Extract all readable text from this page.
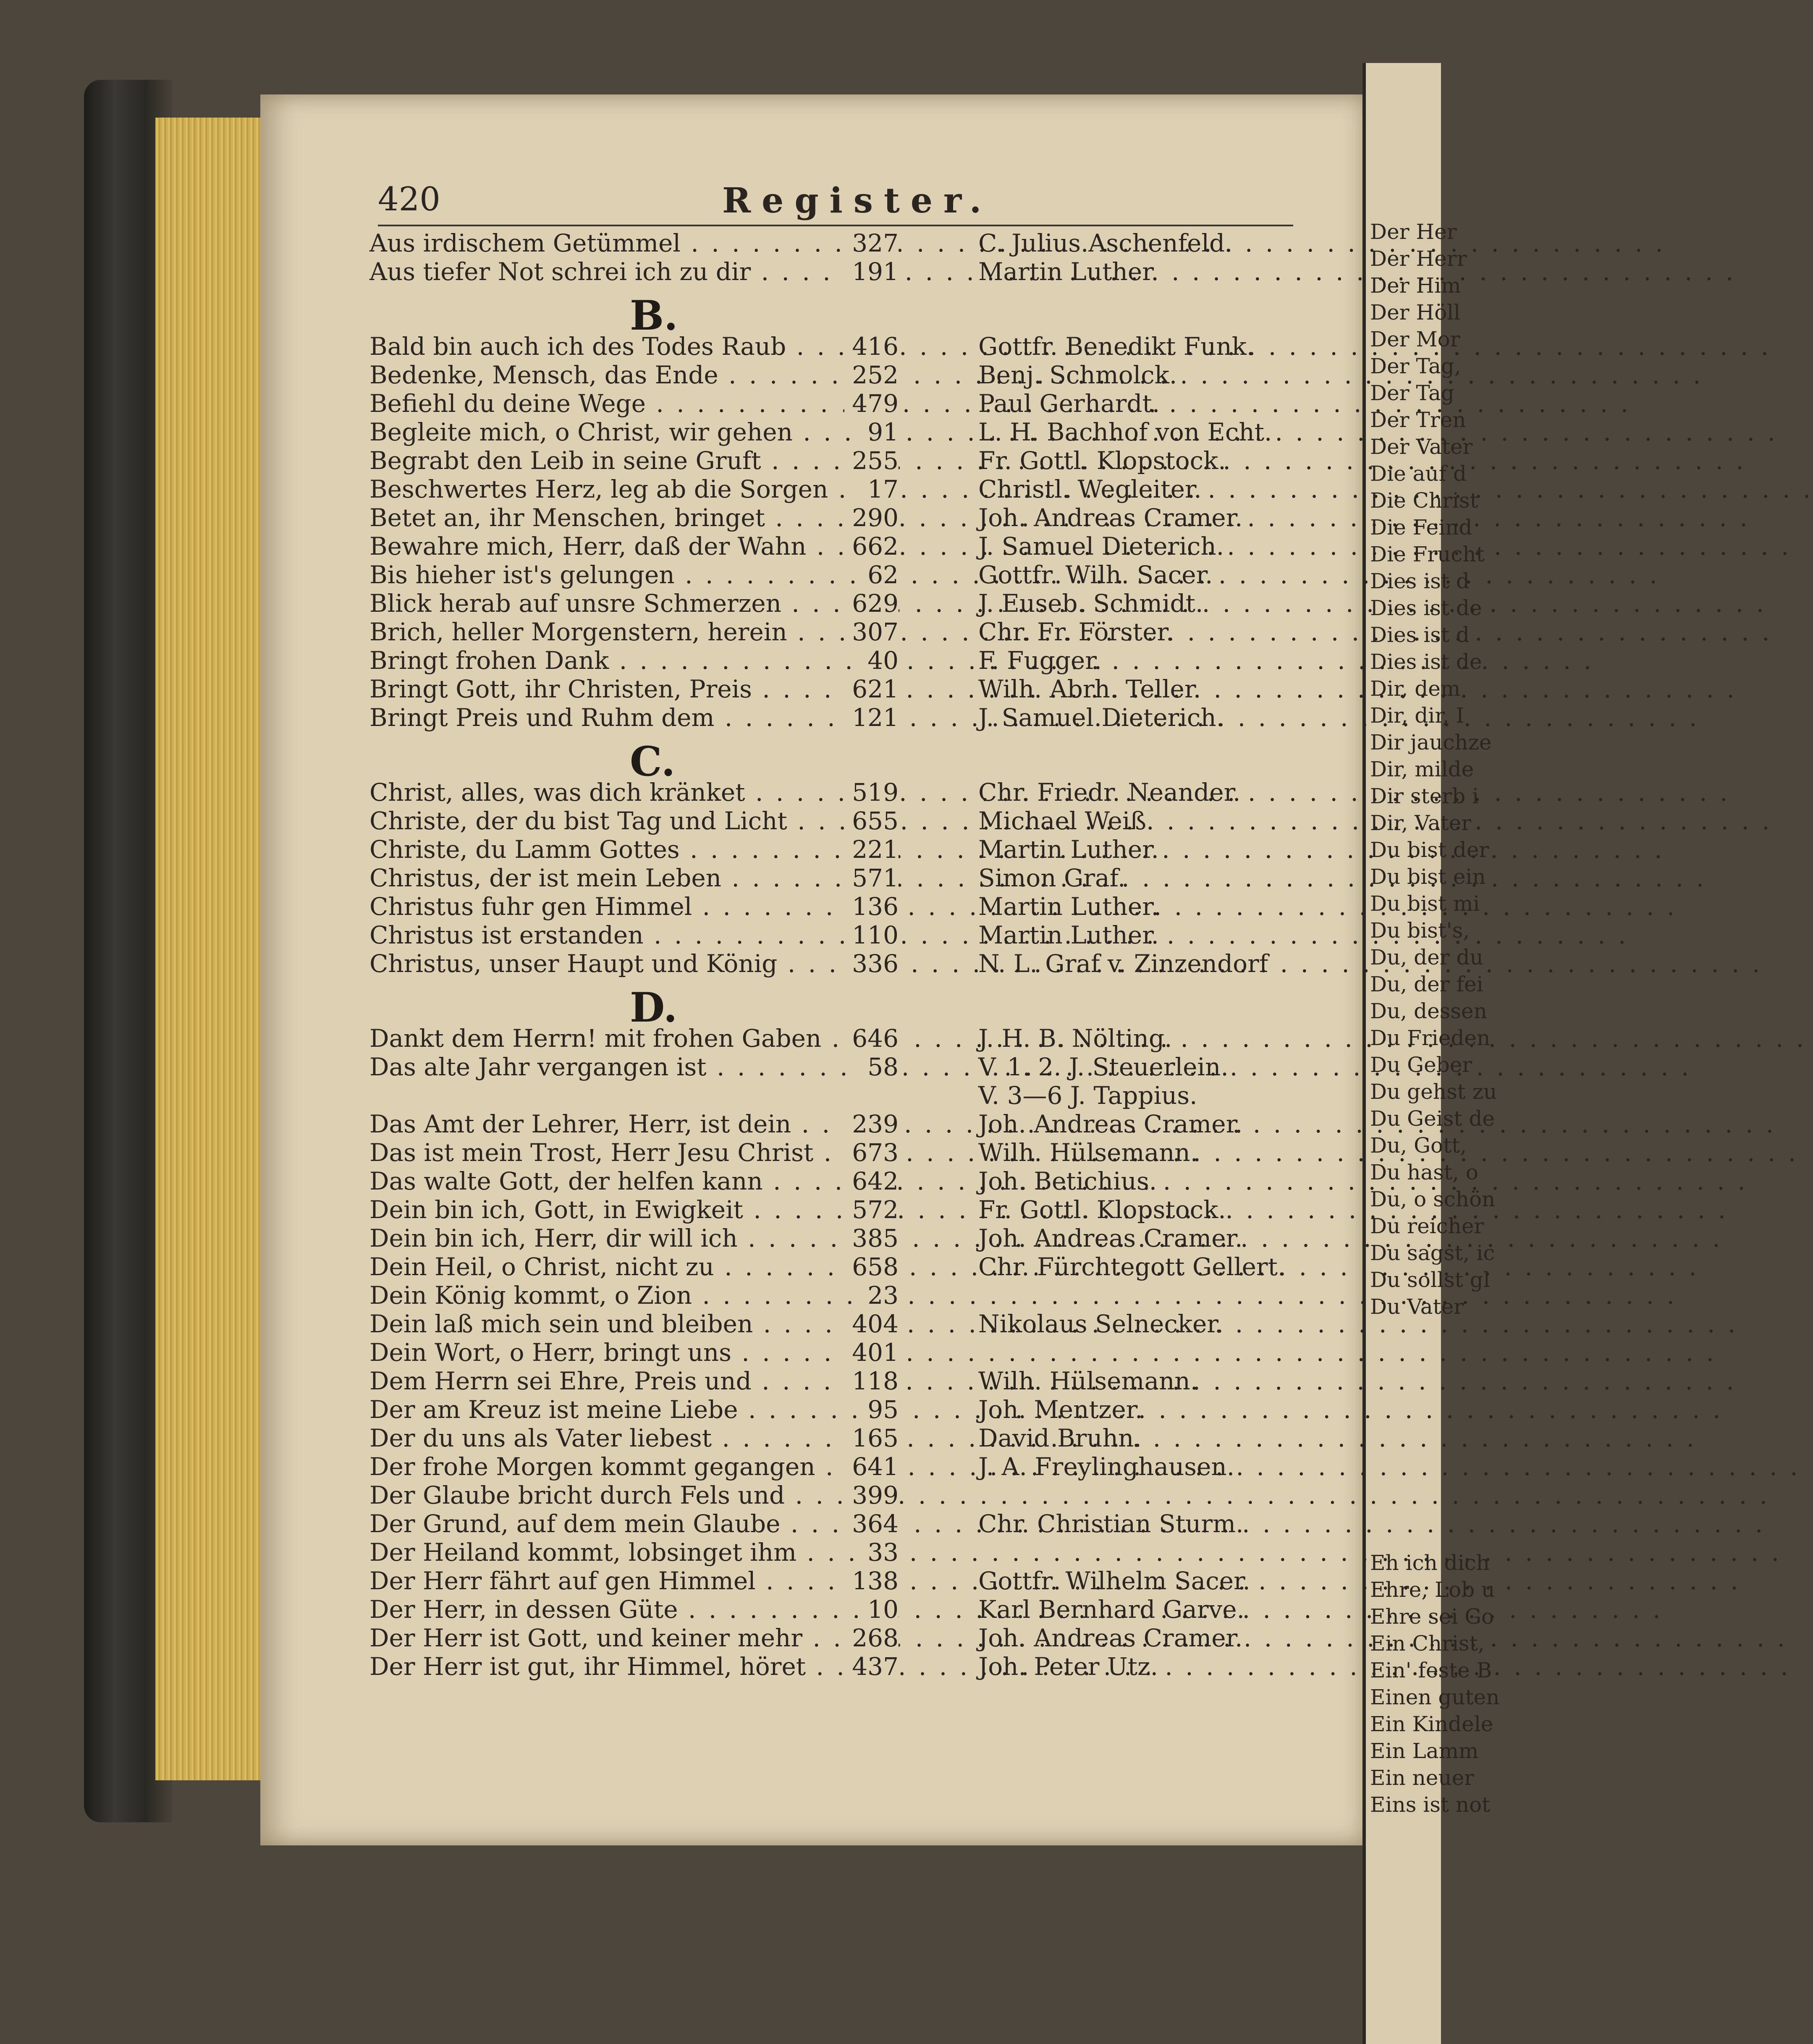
Der Her
Der Herr
Der Him
Der Höll
Der Mor
Der Tag,
Der Tag
Der Tren
Der Vater
Die auf d
Die Christ
Die Feind
Die Frucht
Dies ist d
Dies ist de
Dies ist d
Dies ist de
Dir, dem
Dir, dir, I
Dir jauchze
Dir, milde
Dir sterb i
Dir, Vater
Du bist der
Du bist ein
Du bist mi
Du bist's,
Du, der du
Du, der fei
Du, dessen
Du Frieden
Du Geber
Du gehst zu
Du Geist de
Du, Gott,
Du hast, o
Du, o schön
Du reicher
Du sagst, ic
Du sollst gl
Du Vater
Eh ich dich
Ehre, Lob u
Ehre sei Go
Ein Christ,
Ein' feste B
Einen guten
Ein Kindele
Ein Lamm
Ein neuer
Eins ist not
420	Register.
Aus irdischem Getümmel . . .	327	C. Julius Aschenfeld.
Aus tiefer Not schrei ich zu dir . . .	191	Martin Luther.
B.
Bald bin auch ich des Todes Raub . . .	416	Gottfr. Benedikt Funk.
Bedenke, Mensch, das Ende . . .	252	Benj. Schmolck.
Befiehl du deine Wege . . .	479	Paul Gerhardt.
Begleite mich, o Christ, wir gehen . . .	91	L. H. Bachhof von Echt.
Begrabt den Leib in seine Gruft . . .	255	Fr. Gottl. Klopstock.
Beschwertes Herz, leg ab die Sorgen . . .	17	Christl. Wegleiter.
Betet an, ihr Menschen, bringet . . .	290	Joh. Andreas Cramer.
Bewahre mich, Herr, daß der Wahn . . .	662	J. Samuel Dieterich.
Bis hieher ist's gelungen . . .	62	Gottfr. Wilh. Sacer.
Blick herab auf unsre Schmerzen . . .	629	J. Euseb. Schmidt.
Brich, heller Morgenstern, herein . . .	307	Chr. Fr. Förster.
Bringt frohen Dank . . .	40	F. Fugger.
Bringt Gott, ihr Christen, Preis . . .	621	Wilh. Abrh. Teller.
Bringt Preis und Ruhm dem . . .	121	J. Samuel Dieterich.
C.
Christ, alles, was dich kränket . . .	519	Chr. Friedr. Neander.
Christe, der du bist Tag und Licht . . .	655	Michael Weiß.
Christe, du Lamm Gottes . . .	221	Martin Luther.
Christus, der ist mein Leben . . .	571	Simon Graf.
Christus fuhr gen Himmel . . .	136	Martin Luther.
Christus ist erstanden . . .	110	Martin Luther.
Christus, unser Haupt und König . . .	336	N. L. Graf v. Zinzendorf
D.
Dankt dem Herrn! mit frohen Gaben . . .	646	J. H. B. Nölting.
Das alte Jahr vergangen ist . . .	58	V. 1. 2. J. Steuerlein.
V. 3—6 J. Tappius.
Das Amt der Lehrer, Herr, ist dein . . .	239	Joh. Andreas Cramer.
Das ist mein Trost, Herr Jesu Christ . . .	673	Wilh. Hülsemann.
Das walte Gott, der helfen kann . . .	642	Joh. Betichius.
Dein bin ich, Gott, in Ewigkeit . . .	572	Fr. Gottl. Klopstock.
Dein bin ich, Herr, dir will ich . . .	385	Joh. Andreas Cramer.
Dein Heil, o Christ, nicht zu . . .	658	Chr. Fürchtegott Gellert.
Dein König kommt, o Zion . . .	23
Dein laß mich sein und bleiben . . .	404	Nikolaus Selnecker.
Dein Wort, o Herr, bringt uns . . .	401
Dem Herrn sei Ehre, Preis und . . .	118	Wilh. Hülsemann.
Der am Kreuz ist meine Liebe . . .	95	Joh. Mentzer.
Der du uns als Vater liebest . . .	165	David Bruhn.
Der frohe Morgen kommt gegangen . . .	641	J. A. Freylinghausen.
Der Glaube bricht durch Fels und . . .	399
Der Grund, auf dem mein Glaube . . .	364	Chr. Christian Sturm.
Der Heiland kommt, lobsinget ihm . . .	33
Der Herr fährt auf gen Himmel . . .	138	Gottfr. Wilhelm Sacer.
Der Herr, in dessen Güte . . .	10	Karl Bernhard Garve.
Der Herr ist Gott, und keiner mehr . . .	268	Joh. Andreas Cramer.
Der Herr ist gut, ihr Himmel, höret . . .	437	Joh. Peter Utz.
